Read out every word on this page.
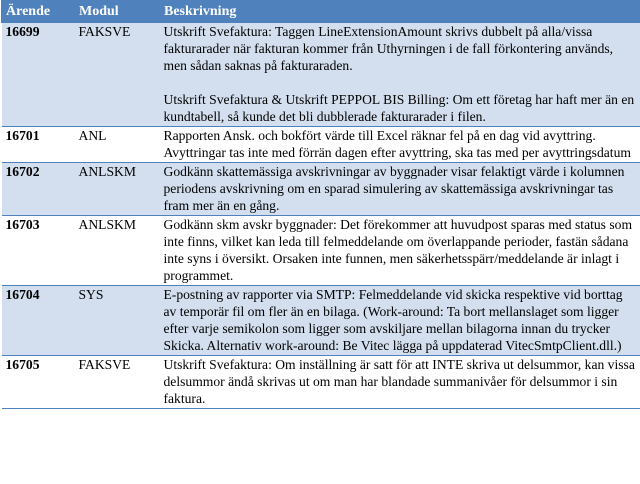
Ärende	Modul	Beskrivning
16699	FAKSVE	Utskrift Svefaktura: Taggen LineExtensionAmount skrivs dubbelt på alla/vissa fakturarader när fakturan kommer från Uthyrningen i de fall förkontering används, men sådan saknas på fakturaraden.

Utskrift Svefaktura & Utskrift PEPPOL BIS Billing: Om ett företag har haft mer än en kundtabell, så kunde det bli dubblerade fakturarader i filen.

16701	ANL	Rapporten Ansk. och bokfört värde till Excel räknar fel på en dag vid avyttring. Avyttringar tas inte med förrän dagen efter avyttring, ska tas med per avyttringsdatum

16702	ANLSKM	Godkänn skattemässiga avskrivningar av byggnader visar felaktigt värde i kolumnen periodens avskrivning om en sparad simulering av skattemässiga avskrivningar tas fram mer än en gång.

16703	ANLSKM	Godkänn skm avskr byggnader: Det förekommer att huvudpost sparas med status som inte finns, vilket kan leda till felmeddelande om överlappande perioder, fastän sådana inte syns i översikt. Orsaken inte funnen, men säkerhetsspärr/meddelande är inlagt i programmet.

16704	SYS	E-postning av rapporter via SMTP: Felmeddelande vid skicka respektive vid borttag av temporär fil om fler än en bilaga. (Work-around: Ta bort mellanslaget som ligger efter varje semikolon som ligger som avskiljare mellan bilagorna innan du trycker Skicka. Alternativ work-around: Be Vitec lägga på uppdaterad VitecSmtpClient.dll.)

16705	FAKSVE	Utskrift Svefaktura: Om inställning är satt för att INTE skriva ut delsummor, kan vissa delsummor ändå skrivas ut om man har blandade summanivåer för delsummor i sin faktura.
